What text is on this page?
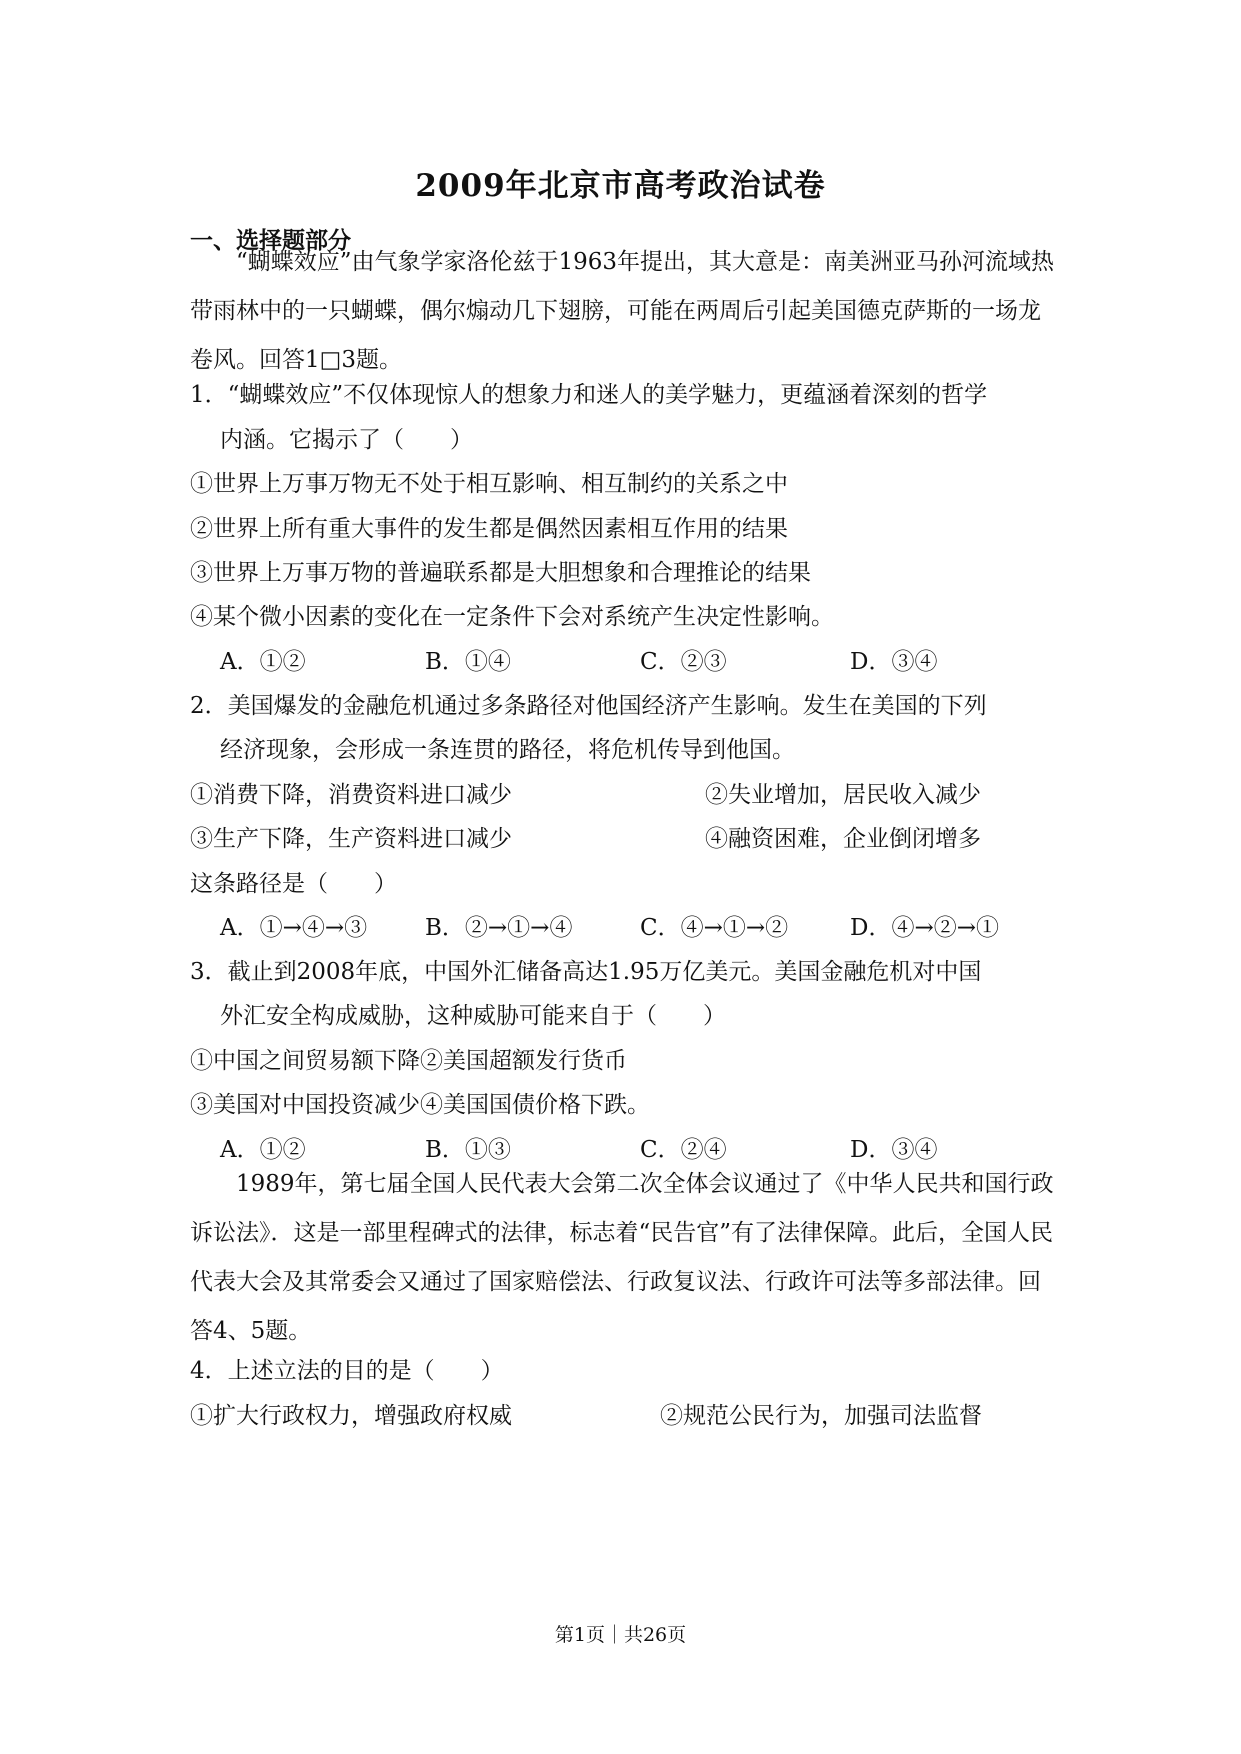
2009年北京市高考政治试卷
一、选择题部分
“蝴蝶效应”由气象学家洛伦兹于1963年提出，其大意是：南美洲亚马孙河流域热带雨林中的一只蝴蝶，偶尔煽动几下翅膀，可能在两周后引起美国德克萨斯的一场龙卷风。回答1□3题。
1．“蝴蝶效应”不仅体现惊人的想象力和迷人的美学魅力，更蕴涵着深刻的哲学
内涵。它揭示了（　　）
①世界上万事万物无不处于相互影响、相互制约的关系之中
②世界上所有重大事件的发生都是偶然因素相互作用的结果
③世界上万事万物的普遍联系都是大胆想象和合理推论的结果
④某个微小因素的变化在一定条件下会对系统产生决定性影响。
A．①②	B．①④	C．②③	D．③④
2．美国爆发的金融危机通过多条路径对他国经济产生影响。发生在美国的下列
经济现象，会形成一条连贯的路径，将危机传导到他国。
①消费下降，消费资料进口减少	②失业增加，居民收入减少
③生产下降，生产资料进口减少	④融资困难，企业倒闭增多
这条路径是（　　）
A．①→④→③	B．②→①→④	C．④→①→②	D．④→②→①
3．截止到2008年底，中国外汇储备高达1.95万亿美元。美国金融危机对中国
外汇安全构成威胁，这种威胁可能来自于（　　）
①中国之间贸易额下降②美国超额发行货币
③美国对中国投资减少④美国国债价格下跌。
A．①②	B．①③	C．②④	D．③④
1989年，第七届全国人民代表大会第二次全体会议通过了《中华人民共和国行政诉讼法》．这是一部里程碑式的法律，标志着“民告官”有了法律保障。此后，全国人民代表大会及其常委会又通过了国家赔偿法、行政复议法、行政许可法等多部法律。回答4、5题。
4．上述立法的目的是（　　）
①扩大行政权力，增强政府权威	②规范公民行为，加强司法监督
第1页｜共26页
